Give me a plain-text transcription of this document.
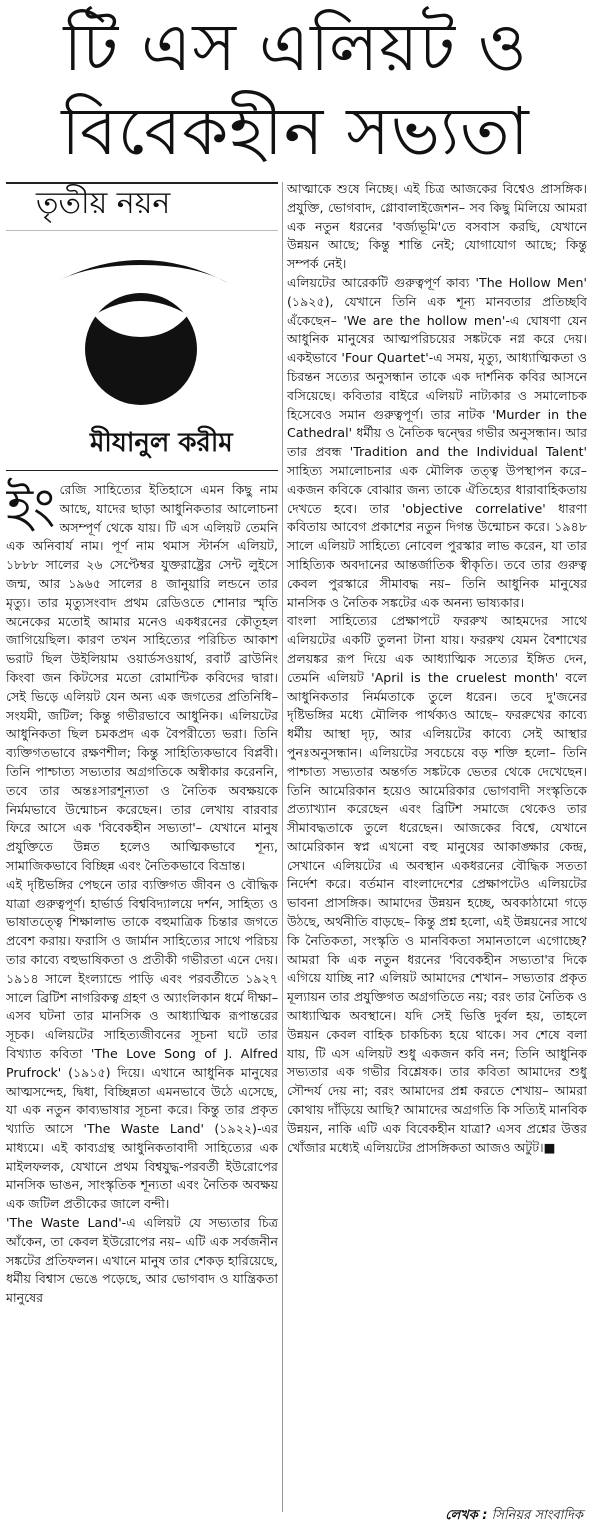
টি এস এলিয়ট ও
বিবেকহীন সভ্যতা
তৃতীয় নয়ন
মীযানুল করীম

ইংরেজি সাহিত্যের ইতিহাসে এমন কিছু নাম আছে, যাদের ছাড়া আধুনিকতার আলোচনা অসম্পূর্ণ থেকে যায়। টি এস এলিয়ট তেমনি এক অনিবার্য নাম। পূর্ণ নাম থমাস স্টার্নস এলিয়ট, ১৮৮৮ সালের ২৬ সেপ্টেম্বর যুক্তরাষ্ট্রের সেন্ট লুইসে জন্ম, আর ১৯৬৫ সালের ৪ জানুয়ারি লন্ডনে তার মৃত্যু। তার মৃত্যুসংবাদ প্রথম রেডিওতে শোনার স্মৃতি অনেকের মতোই আমার মনেও একধরনের কৌতূহল জাগিয়েছিল। কারণ তখন সাহিত্যের পরিচিত আকাশ ভরাট ছিল উইলিয়াম ওয়ার্ডসওয়ার্থ, রবার্ট ব্রাউনিং কিংবা জন কিটসের মতো রোমান্টিক কবিদের দ্বারা। সেই ভিড়ে এলিয়ট যেন অন্য এক জগতের প্রতিনিধি– সংযমী, জটিল; কিন্তু গভীরভাবে আধুনিক। এলিয়টের আধুনিকতা ছিল চমকপ্রদ এক বৈপরীত্যে ভরা। তিনি ব্যক্তিগতভাবে রক্ষণশীল; কিন্তু সাহিত্যিকভাবে বিপ্লবী। তিনি পাশ্চাত্য সভ্যতার অগ্রগতিকে অস্বীকার করেননি, তবে তার অন্তঃসারশূন্যতা ও নৈতিক অবক্ষয়কে নির্মমভাবে উন্মোচন করেছেন। তার লেখায় বারবার ফিরে আসে এক 'বিবেকহীন সভ্যতা'– যেখানে মানুষ প্রযুক্তিতে উন্নত হলেও আত্মিকভাবে শূন্য, সামাজিকভাবে বিচ্ছিন্ন এবং নৈতিকভাবে বিভ্রান্ত।

এই দৃষ্টিভঙ্গির পেছনে তার ব্যক্তিগত জীবন ও বৌদ্ধিক যাত্রা গুরুত্বপূর্ণ। হার্ভার্ড বিশ্ববিদ্যালয়ে দর্শন, সাহিত্য ও ভাষাতত্ত্বে শিক্ষালাভ তাকে বহুমাত্রিক চিন্তার জগতে প্রবেশ করায়। ফরাসি ও জার্মান সাহিত্যের সাথে পরিচয় তার কাব্যে বহুভাষিকতা ও প্রতীকী গভীরতা এনে দেয়। ১৯১৪ সালে ইংল্যান্ডে পাড়ি এবং পরবর্তীতে ১৯২৭ সালে ব্রিটিশ নাগরিকত্ব গ্রহণ ও অ্যাংলিকান ধর্মে দীক্ষা– এসব ঘটনা তার মানসিক ও আধ্যাত্মিক রূপান্তরের সূচক। এলিয়টের সাহিত্যজীবনের সূচনা ঘটে তার বিখ্যাত কবিতা 'The Love Song of J. Alfred Prufrock' (১৯১৫) দিয়ে। এখানে আধুনিক মানুষের আত্মসন্দেহ, দ্বিধা, বিচ্ছিন্নতা এমনভাবে উঠে এসেছে, যা এক নতুন কাব্যভাষার সূচনা করে। কিন্তু তার প্রকৃত খ্যাতি আসে 'The Waste Land' (১৯২২)-এর মাধ্যমে। এই কাব্যগ্রন্থ আধুনিকতাবাদী সাহিত্যের এক মাইলফলক, যেখানে প্রথম বিশ্বযুদ্ধ-পরবর্তী ইউরোপের মানসিক ভাঙন, সাংস্কৃতিক শূন্যতা এবং নৈতিক অবক্ষয় এক জটিল প্রতীকের জালে বন্দী।

'The Waste Land'-এ এলিয়ট যে সভ্যতার চিত্র আঁকেন, তা কেবল ইউরোপের নয়– এটি এক সর্বজনীন সঙ্কটের প্রতিফলন। এখানে মানুষ তার শেকড় হারিয়েছে, ধর্মীয় বিশ্বাস ভেঙে পড়েছে, আর ভোগবাদ ও যান্ত্রিকতা মানুষের

আত্মাকে শুষে নিচ্ছে। এই চিত্র আজকের বিশ্বেও প্রাসঙ্গিক। প্রযুক্তি, ভোগবাদ, গ্লোবালাইজেশন– সব কিছু মিলিয়ে আমরা এক নতুন ধরনের 'বর্জ্যভূমি'তে বসবাস করছি, যেখানে উন্নয়ন আছে; কিন্তু শান্তি নেই; যোগাযোগ আছে; কিন্তু সম্পর্ক নেই।

এলিয়টের আরেকটি গুরুত্বপূর্ণ কাব্য 'The Hollow Men' (১৯২৫), যেখানে তিনি এক শূন্য মানবতার প্রতিচ্ছবি এঁকেছেন– 'We are the hollow men'-এ ঘোষণা যেন আধুনিক মানুষের আত্মপরিচয়ের সঙ্কটকে নগ্ন করে দেয়। একইভাবে 'Four Quartet'-এ সময়, মৃত্যু, আধ্যাত্মিকতা ও চিরন্তন সত্যের অনুসন্ধান তাকে এক দার্শনিক কবির আসনে বসিয়েছে। কবিতার বাইরে এলিয়ট নাট্যকার ও সমালোচক হিসেবেও সমান গুরুত্বপূর্ণ। তার নাটক 'Murder in the Cathedral' ধর্মীয় ও নৈতিক দ্বন্দ্বের গভীর অনুসন্ধান। আর তার প্রবন্ধ 'Tradition and the Individual Talent' সাহিত্য সমালোচনার এক মৌলিক তত্ত্ব উপস্থাপন করে– একজন কবিকে বোঝার জন্য তাকে ঐতিহ্যের ধারাবাহিকতায় দেখতে হবে। তার 'objective correlative' ধারণা কবিতায় আবেগ প্রকাশের নতুন দিগন্ত উন্মোচন করে। ১৯৪৮ সালে এলিয়ট সাহিত্যে নোবেল পুরস্কার লাভ করেন, যা তার সাহিত্যিক অবদানের আন্তর্জাতিক স্বীকৃতি। তবে তার গুরুত্ব কেবল পুরস্কারে সীমাবদ্ধ নয়– তিনি আধুনিক মানুষের মানসিক ও নৈতিক সঙ্কটের এক অনন্য ভাষ্যকার।

বাংলা সাহিত্যের প্রেক্ষাপটে ফররুখ আহমদের সাথে এলিয়টের একটি তুলনা টানা যায়। ফররুখ যেমন বৈশাখের প্রলয়ঙ্কর রূপ দিয়ে এক আধ্যাত্মিক সত্যের ইঙ্গিত দেন, তেমনি এলিয়ট 'April is the cruelest month' বলে আধুনিকতার নির্মমতাকে তুলে ধরেন। তবে দু'জনের দৃষ্টিভঙ্গির মধ্যে মৌলিক পার্থক্যও আছে– ফররুখের কাব্যে ধর্মীয় আস্থা দৃঢ়, আর এলিয়টের কাব্যে সেই আস্থার পুনঃঅনুসন্ধান। এলিয়টের সবচেয়ে বড় শক্তি হলো– তিনি পাশ্চাত্য সভ্যতার অন্তর্গত সঙ্কটকে ভেতর থেকে দেখেছেন। তিনি আমেরিকান হয়েও আমেরিকার ভোগবাদী সংস্কৃতিকে প্রত্যাখ্যান করেছেন এবং ব্রিটিশ সমাজে থেকেও তার সীমাবদ্ধতাকে তুলে ধরেছেন। আজকের বিশ্বে, যেখানে আমেরিকান স্বপ্ন এখনো বহু মানুষের আকাঙ্ক্ষার কেন্দ্র, সেখানে এলিয়টের এ অবস্থান একধরনের বৌদ্ধিক সততা নির্দেশ করে। বর্তমান বাংলাদেশের প্রেক্ষাপটেও এলিয়টের ভাবনা প্রাসঙ্গিক। আমাদের উন্নয়ন হচ্ছে, অবকাঠামো গড়ে উঠছে, অর্থনীতি বাড়ছে– কিন্তু প্রশ্ন হলো, এই উন্নয়নের সাথে কি নৈতিকতা, সংস্কৃতি ও মানবিকতা সমানতালে এগোচ্ছে? আমরা কি এক নতুন ধরনের 'বিবেকহীন সভ্যতা'র দিকে এগিয়ে যাচ্ছি না? এলিয়ট আমাদের শেখান– সভ্যতার প্রকৃত মূল্যায়ন তার প্রযুক্তিগত অগ্রগতিতে নয়; বরং তার নৈতিক ও আধ্যাত্মিক অবস্থানে। যদি সেই ভিত্তি দুর্বল হয়, তাহলে উন্নয়ন কেবল বাহিক চাকচিক্য হয়ে থাকে। সব শেষে বলা যায়, টি এস এলিয়ট শুধু একজন কবি নন; তিনি আধুনিক সভ্যতার এক গভীর বিশ্লেষক। তার কবিতা আমাদের শুধু সৌন্দর্য দেয় না; বরং আমাদের প্রশ্ন করতে শেখায়– আমরা কোথায় দাঁড়িয়ে আছি? আমাদের অগ্রগতি কি সত্যিই মানবিক উন্নয়ন, নাকি এটি এক বিবেকহীন যাত্রা? এসব প্রশ্নের উত্তর খোঁজার মধ্যেই এলিয়টের প্রাসঙ্গিকতা আজও অটুট।■

লেখক : সিনিয়র সাংবাদিক
